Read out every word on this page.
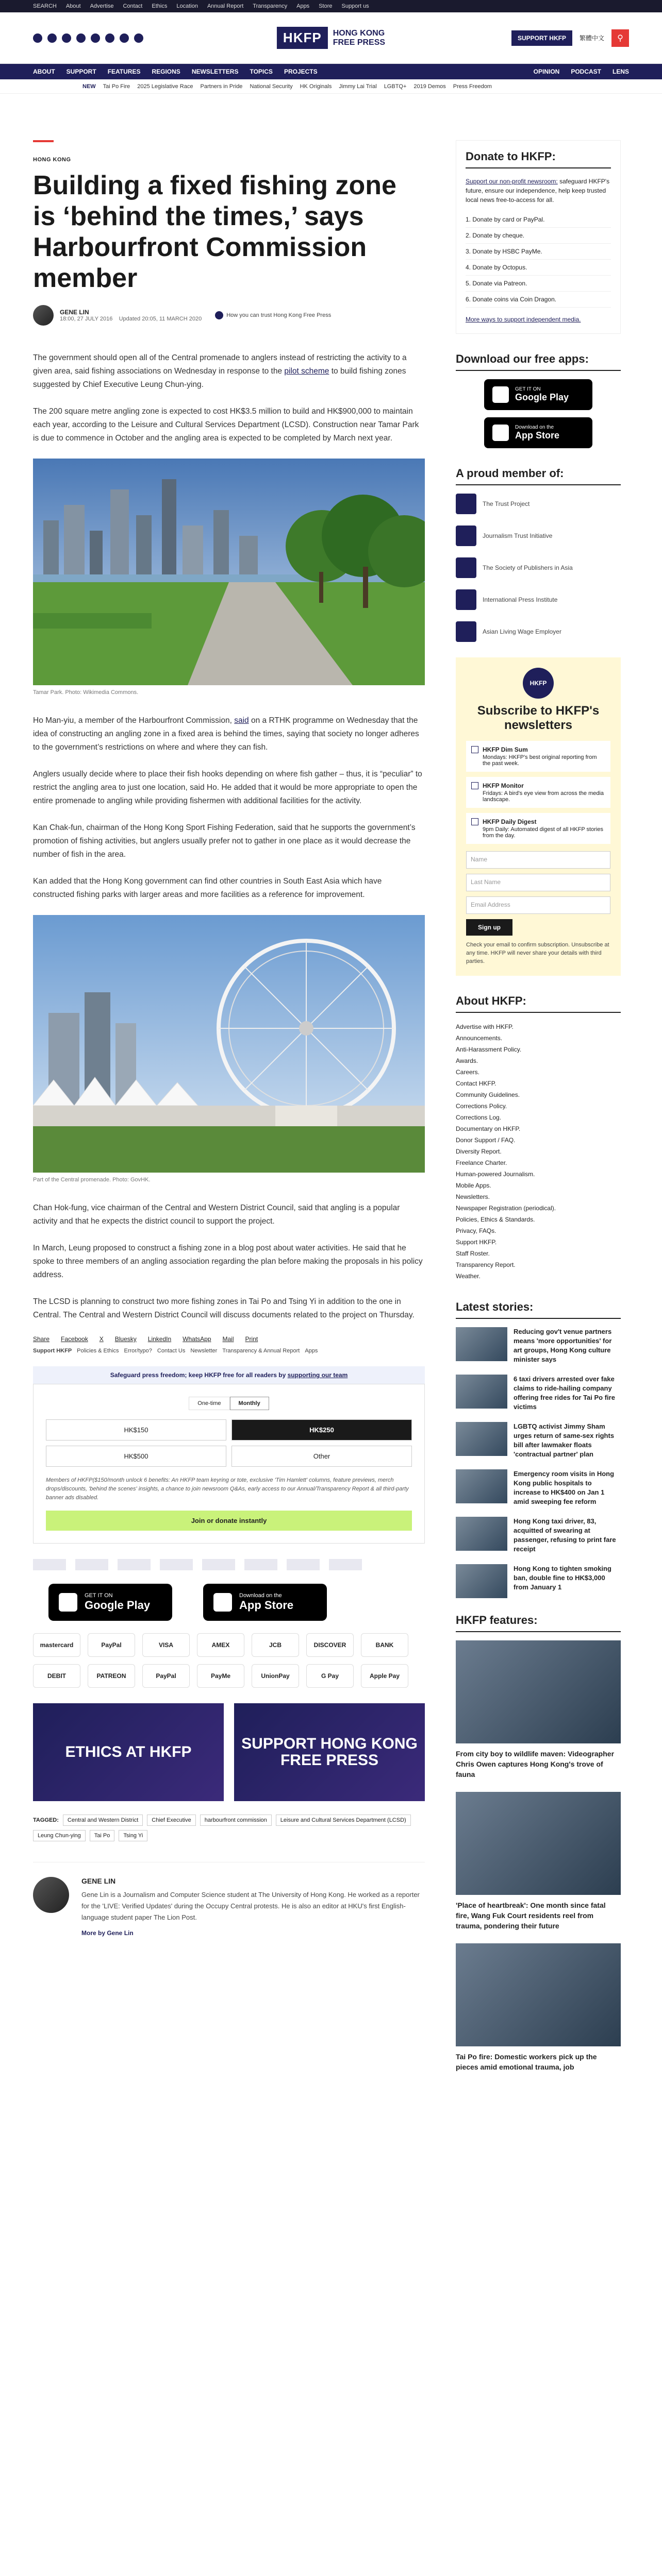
SEARCH About Advertise Contact Ethics Location Annual Report Transparency Apps Store Support us
HKFP	HONG KONG
FREE PRESS	SUPPORT HKFP	繁體中文	⚲
ABOUT SUPPORT FEATURES REGIONS NEWSLETTERS TOPICS PROJECTS	OPINION PODCAST LENS
NEW Tai Po Fire 2025 Legislative Race Partners in Pride National Security HK Originals Jimmy Lai Trial LGBTQ+ 2019 Demos Press Freedom
HONG KONG
Building a fixed fishing zone is ‘behind the times,’ says Harbourfront Commission member
GENE LIN
18:00, 27 JULY 2016 Updated 20:05, 11 MARCH 2020
How you can trust Hong Kong Free Press

The government should open all of the Central promenade to anglers instead of restricting the activity to a given area, said fishing associations on Wednesday in response to the pilot scheme to build fishing zones suggested by Chief Executive Leung Chun-ying.

The 200 square metre angling zone is expected to cost HK$3.5 million to build and HK$900,000 to maintain each year, according to the Leisure and Cultural Services Department (LCSD). Construction near Tamar Park is due to commence in October and the angling area is expected to be completed by March next year.

Tamar Park. Photo: Wikimedia Commons.

Ho Man-yiu, a member of the Harbourfront Commission, said on a RTHK programme on Wednesday that the idea of constructing an angling zone in a fixed area is behind the times, saying that society no longer adheres to the government’s restrictions on where and where they can fish.

Anglers usually decide where to place their fish hooks depending on where fish gather – thus, it is “peculiar” to restrict the angling area to just one location, said Ho. He added that it would be more appropriate to open the entire promenade to angling while providing fishermen with additional facilities for the activity.

Kan Chak-fun, chairman of the Hong Kong Sport Fishing Federation, said that he supports the government’s promotion of fishing activities, but anglers usually prefer not to gather in one place as it would decrease the number of fish in the area.

Kan added that the Hong Kong government can find other countries in South East Asia which have constructed fishing parks with larger areas and more facilities as a reference for improvement.

Part of the Central promenade. Photo: GovHK.

Chan Hok-fung, vice chairman of the Central and Western District Council, said that angling is a popular activity and that he expects the district council to support the project.

In March, Leung proposed to construct a fishing zone in a blog post about water activities. He said that he spoke to three members of an angling association regarding the plan before making the proposals in his policy address.

The LCSD is planning to construct two more fishing zones in Tai Po and Tsing Yi in addition to the one in Central. The Central and Western District Council will discuss documents related to the project on Thursday.

Share Facebook X Bluesky LinkedIn WhatsApp Mail Print
Support HKFP Policies & Ethics Error/typo? Contact Us Newsletter Transparency & Annual Report Apps
Safeguard press freedom; keep HKFP free for all readers by supporting our team
One-time	Monthly
HK$150	HK$250
HK$500	Other
Members of HKFP($150/month unlock 6 benefits: An HKFP team keyring or tote, exclusive 'Tim Hamlett' columns, feature previews, merch drops/discounts, 'behind the scenes' insights, a chance to join newsroom Q&As, early access to our Annual/Transparency Report & all third-party banner ads disabled.
Join or donate instantly
GET IT ON
Google Play
Download on the
App Store
mastercard	PayPal	VISA	AMEX	JCB	DISCOVER	BANK
DEBIT	PATREON	PayPal	PayMe	UnionPay	G Pay	Apple Pay
ETHICS AT HKFP	SUPPORT HONG KONG FREE PRESS
TAGGED:	Central and Western District	Chief Executive	harbourfront commission	Leisure and Cultural Services Department (LCSD)
Leung Chun-ying	Tai Po	Tsing Yi
GENE LIN

Gene Lin is a Journalism and Computer Science student at The University of Hong Kong. He worked as a reporter for the 'LIVE: Verified Updates' during the Occupy Central protests. He is also an editor at HKU's first English-language student paper The Lion Post.

More by Gene Lin
Donate to HKFP:

Support our non-profit newsroom: safeguard HKFP's future, ensure our independence, help keep trusted local news free-to-access for all.

1. Donate by card or PayPal.
2. Donate by cheque.
3. Donate by HSBC PayMe.
4. Donate by Octopus.
5. Donate via Patreon.
6. Donate coins via Coin Dragon.
More ways to support independent media.
Download our free apps:
GET IT ON
Google Play
Download on the
App Store
A proud member of:
The Trust Project
Journalism Trust Initiative
The Society of Publishers in Asia
International Press Institute
Asian Living Wage Employer
HKFP
Subscribe to HKFP's newsletters
HKFP Dim Sum
Mondays: HKFP's best original reporting from the past week.
HKFP Monitor
Fridays: A bird's eye view from across the media landscape.
HKFP Daily Digest
9pm Daily: Automated digest of all HKFP stories from the day.
Name
Last Name
Email Address
Sign up
Check your email to confirm subscription. Unsubscribe at any time. HKFP will never share your details with third parties.
About HKFP:
Advertise with HKFP.
Announcements.
Anti-Harassment Policy.
Awards.
Careers.
Contact HKFP.
Community Guidelines.
Corrections Policy.
Corrections Log.
Documentary on HKFP.
Donor Support / FAQ.
Diversity Report.
Freelance Charter.
Human-powered Journalism.
Mobile Apps.
Newsletters.
Newspaper Registration (periodical).
Policies, Ethics & Standards.
Privacy, FAQs.
Support HKFP.
Staff Roster.
Transparency Report.
Weather.
Latest stories:
Reducing gov't venue partners means 'more opportunities' for art groups, Hong Kong culture minister says
6 taxi drivers arrested over fake claims to ride-hailing company offering free rides for Tai Po fire victims
LGBTQ activist Jimmy Sham urges return of same-sex rights bill after lawmaker floats 'contractual partner' plan
Emergency room visits in Hong Kong public hospitals to increase to HK$400 on Jan 1 amid sweeping fee reform
Hong Kong taxi driver, 83, acquitted of swearing at passenger, refusing to print fare receipt
Hong Kong to tighten smoking ban, double fine to HK$3,000 from January 1
HKFP features:
From city boy to wildlife maven: Videographer Chris Owen captures Hong Kong's trove of fauna
'Place of heartbreak': One month since fatal fire, Wang Fuk Court residents reel from trauma, pondering their future
Tai Po fire: Domestic workers pick up the pieces amid emotional trauma, job
